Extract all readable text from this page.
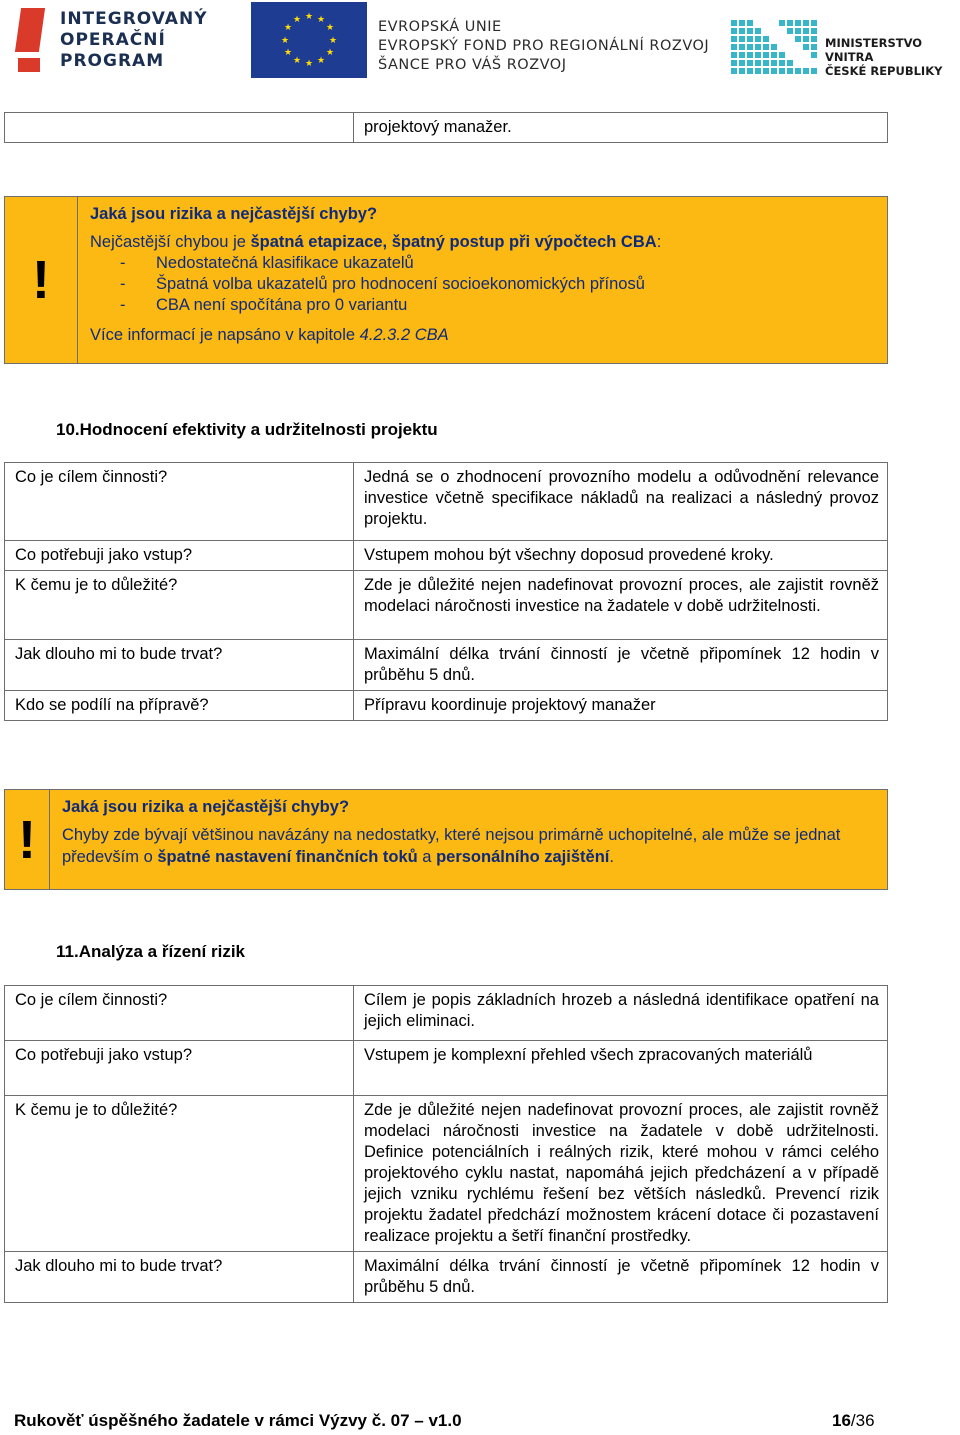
INTEGROVANÝ
OPERAČNÍ
PROGRAM
★ ★
★
★
★
★
★
★
★
★
★
★	EVROPSKÁ UNIE
EVROPSKÝ FOND PRO REGIONÁLNÍ ROZVOJ
ŠANCE PRO VÁŠ ROZVOJ
MINISTERSTVO VNITRA
ČESKÉ REPUBLIKY
	projektový manažer.
!
Jaká jsou rizika a nejčastější chyby?
Nejčastější chybou je špatná etapizace, špatný postup při výpočtech CBA:
- Nedostatečná klasifikace ukazatelů
- Špatná volba ukazatelů pro hodnocení socioekonomických přínosů
- CBA není spočítána pro 0 variantu
Více informací je napsáno v kapitole 4.2.3.2 CBA
10.Hodnocení efektivity a udržitelnosti projektu
Co je cílem činnosti?	Jedná se o zhodnocení provozního modelu a odůvodnění relevance investice včetně specifikace nákladů na realizaci a následný provoz projektu.
Co potřebuji jako vstup?	Vstupem mohou být všechny doposud provedené kroky.
K čemu je to důležité?	Zde je důležité nejen nadefinovat provozní proces, ale zajistit rovněž modelaci náročnosti investice na žadatele v době udržitelnosti.
Jak dlouho mi to bude trvat?	Maximální délka trvání činností je včetně připomínek 12 hodin v průběhu 5 dnů.
Kdo se podílí na přípravě?	Přípravu koordinuje projektový manažer
!
Jaká jsou rizika a nejčastější chyby?
Chyby zde bývají většinou navázány na nedostatky, které nejsou primárně uchopitelné, ale může se jednat především o špatné nastavení finančních toků a personálního zajištění.
11.Analýza a řízení rizik
Co je cílem činnosti?	Cílem je popis základních hrozeb a následná identifikace opatření na jejich eliminaci.
Co potřebuji jako vstup?	Vstupem je komplexní přehled všech zpracovaných materiálů
K čemu je to důležité?	Zde je důležité nejen nadefinovat provozní proces, ale zajistit rovněž modelaci náročnosti investice na žadatele v době udržitelnosti. Definice potenciálních i reálných rizik, které mohou v rámci celého projektového cyklu nastat, napomáhá jejich předcházení a v případě jejich vzniku rychlému řešení bez větších následků. Prevencí rizik projektu žadatel předchází možnostem krácení dotace či pozastavení realizace projektu a šetří finanční prostředky.
Jak dlouho mi to bude trvat?	Maximální délka trvání činností je včetně připomínek 12 hodin v průběhu 5 dnů.
Rukověť úspěšného žadatele v rámci Výzvy č. 07 – v1.0	16/36
